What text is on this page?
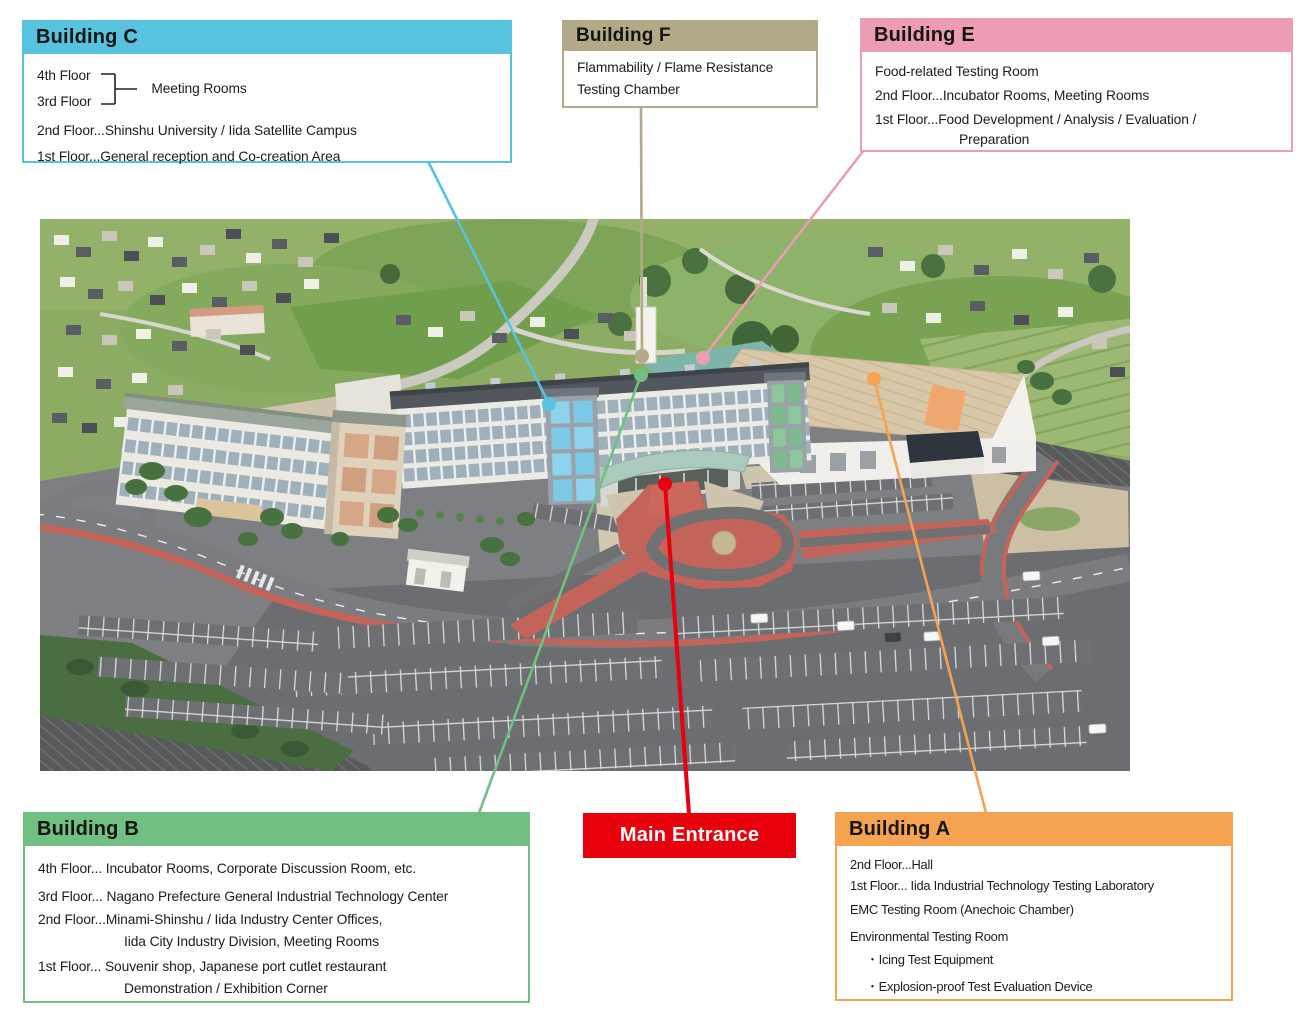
Building C
4th Floor
3rd Floor
Meeting Rooms

2nd Floor...Shinshu University / Iida Satellite Campus

1st Floor...General reception and Co-creation Area

Building F

Flammability / Flame Resistance

Testing Chamber

Building E

Food-related Testing Room

2nd Floor...Incubator Rooms, Meeting Rooms

1st Floor...Food Development / Analysis / Evaluation /

Preparation

Building B

4th Floor... Incubator Rooms, Corporate Discussion Room, etc.

3rd Floor... Nagano Prefecture General Industrial Technology Center

2nd Floor...Minami-Shinshu / Iida Industry Center Offices,

Iida City Industry Division, Meeting Rooms

1st Floor... Souvenir shop, Japanese port cutlet restaurant

Demonstration / Exhibition Corner

Main Entrance	Building A

2nd Floor...Hall

1st Floor... Iida Industrial Technology Testing Laboratory

EMC Testing Room (Anechoic Chamber)

Environmental Testing Room

・Icing Test Equipment

・Explosion-proof Test Evaluation Device
